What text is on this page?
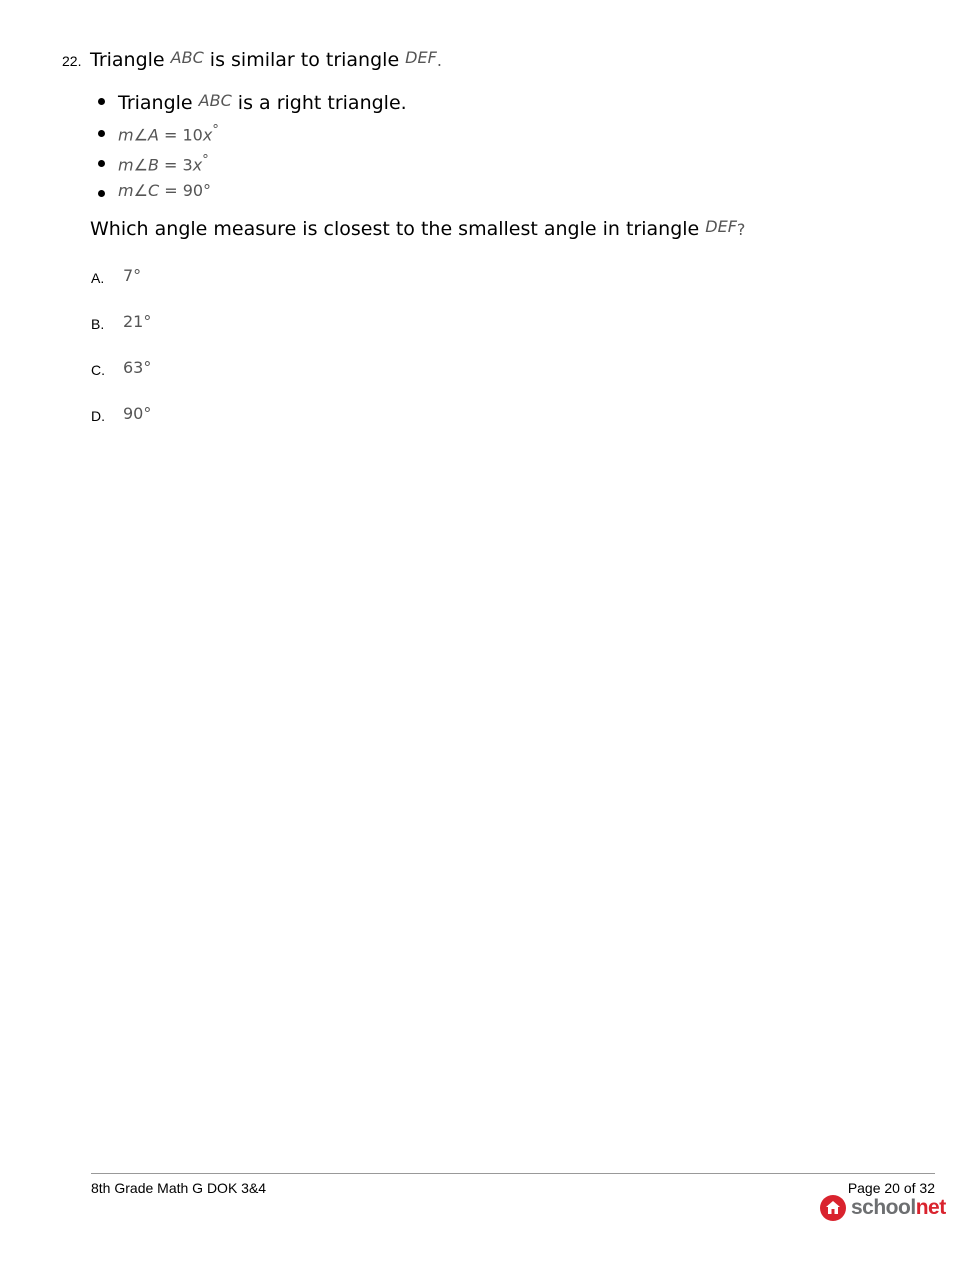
22. Triangle ABC is similar to triangle DEF.
Triangle ABC is a right triangle.
m∠A = 10x°
m∠B = 3x°
m∠C = 90°
Which angle measure is closest to the smallest angle in triangle DEF?
A. 7°
B. 21°
C. 63°
D. 90°
8th Grade Math G DOK 3&4	Page 20 of 32
schoolnet
